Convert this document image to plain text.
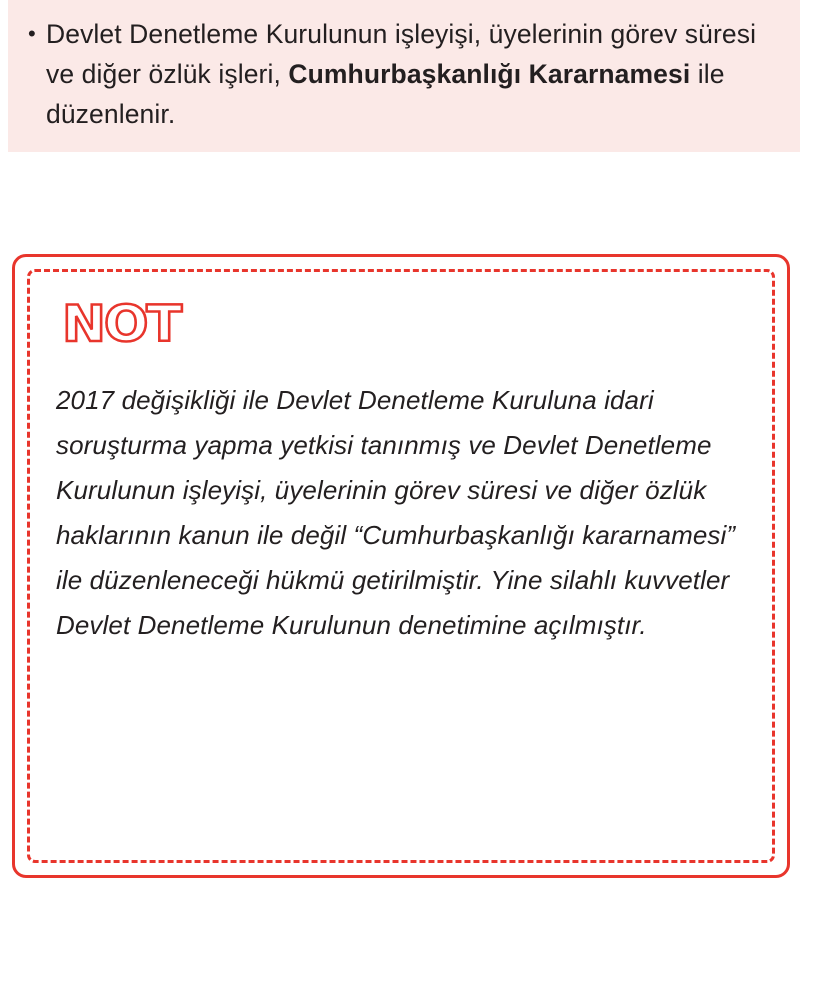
• Devlet Denetleme Kurulunun işleyişi, üyelerinin görev süresi ve diğer özlük işleri, Cumhurbaşkanlığı Kararnamesi ile düzenlenir.
NOT

2017 değişikliği ile Devlet Denetleme Kuruluna idari soruşturma yapma yetkisi tanınmış ve Devlet Denetleme Kurulunun işleyişi, üyelerinin görev süresi ve diğer özlük haklarının kanun ile değil “Cumhurbaşkanlığı kararnamesi” ile düzenleneceği hükmü getirilmiştir. Yine silahlı kuvvetler Devlet Denetleme Kurulunun denetimine açılmıştır.
